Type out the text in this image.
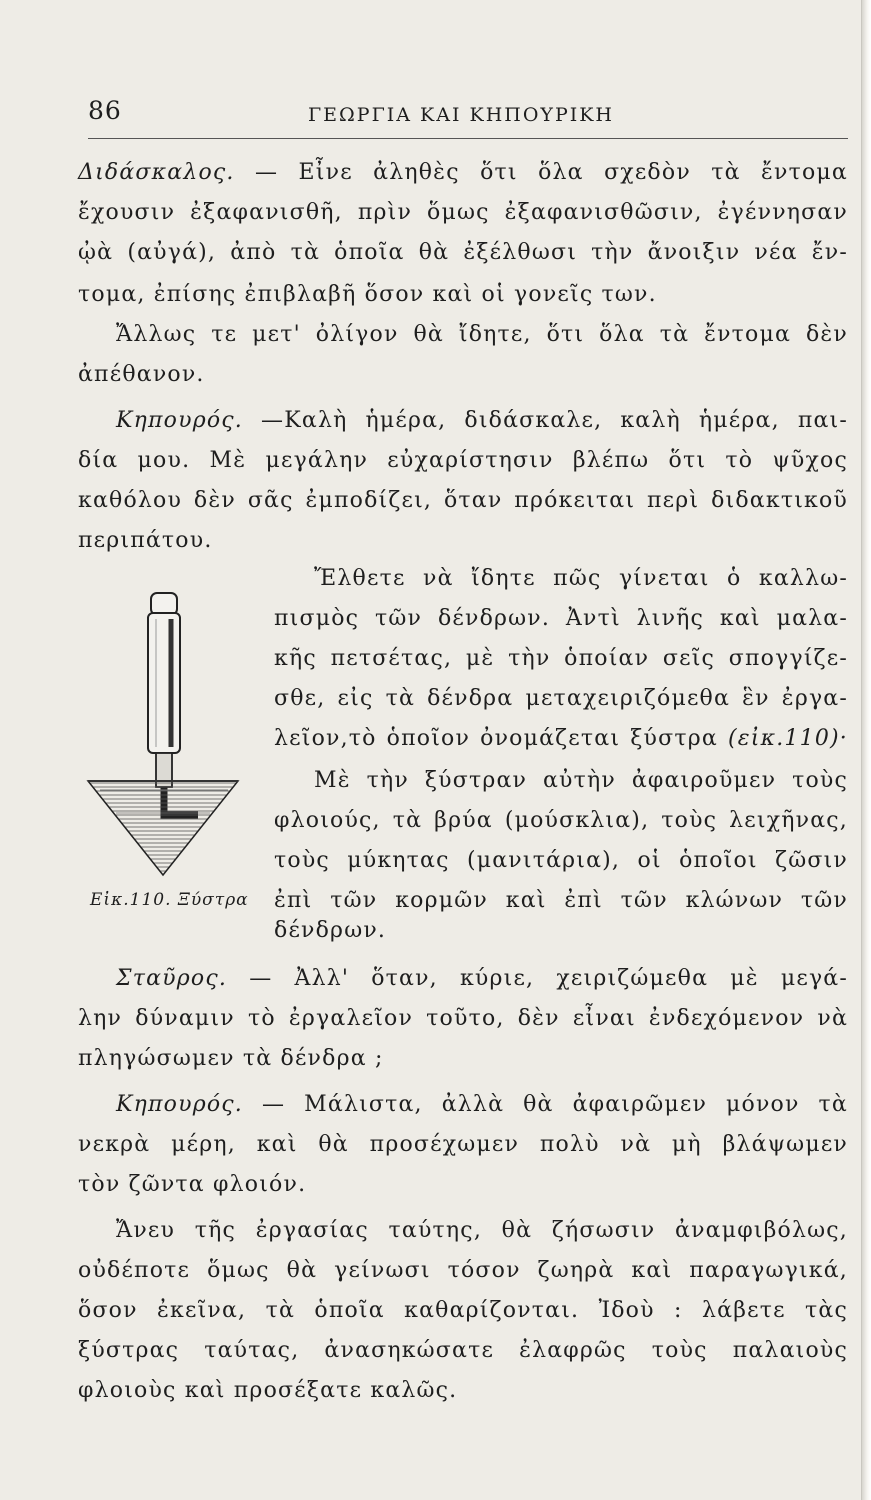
86	ΓΕΩΡΓΙΑ ΚΑΙ ΚΗΠΟΥΡΙΚΗ
Διδάσκαλος. — Εἶνε ἀληθὲς ὅτι ὅλα σχεδὸν τὰ ἔντομα
ἔχουσιν ἐξαφανισθῆ, πρὶν ὅμως ἐξαφανισθῶσιν, ἐγέννησαν
ᾠὰ (αὐγά), ἀπὸ τὰ ὁποῖα θὰ ἐξέλθωσι τὴν ἄνοιξιν νέα ἔν-
τομα, ἐπίσης ἐπιβλαβῆ ὅσον καὶ οἱ γονεῖς των.
Ἄλλως τε μετ' ὀλίγον θὰ ἴδητε, ὅτι ὅλα τὰ ἔντομα δὲν
ἀπέθανον.
Κηπουρός. —Καλὴ ἡμέρα, διδάσκαλε, καλὴ ἡμέρα, παι-
δία μου. Μὲ μεγάλην εὐχαρίστησιν βλέπω ὅτι τὸ ψῦχος
καθόλου δὲν σᾶς ἐμποδίζει, ὅταν πρόκειται περὶ διδακτικοῦ
περιπάτου.
Εἰκ.110. Ξύστρα
Ἔλθετε νὰ ἴδητε πῶς γίνεται ὁ καλλω-
πισμὸς τῶν δένδρων. Ἀντὶ λινῆς καὶ μαλα-
κῆς πετσέτας, μὲ τὴν ὁποίαν σεῖς σπογγίζε-
σθε, εἰς τὰ δένδρα μεταχειριζόμεθα ἓν ἐργα-
λεῖον,τὸ ὁποῖον ὀνομάζεται ξύστρα (εἰκ.110)·
Μὲ τὴν ξύστραν αὐτὴν ἀφαιροῦμεν τοὺς
φλοιούς, τὰ βρύα (μούσκλια), τοὺς λειχῆνας,
τοὺς μύκητας (μανιτάρια), οἱ ὁποῖοι ζῶσιν
ἐπὶ τῶν κορμῶν καὶ ἐπὶ τῶν κλώνων τῶν
δένδρων.
Σταῦρος. — Ἀλλ' ὅταν, κύριε, χειριζώμεθα μὲ μεγά-
λην δύναμιν τὸ ἐργαλεῖον τοῦτο, δὲν εἶναι ἐνδεχόμενον νὰ
πληγώσωμεν τὰ δένδρα ;
Κηπουρός. — Μάλιστα, ἀλλὰ θὰ ἀφαιρῶμεν μόνον τὰ
νεκρὰ μέρη, καὶ θὰ προσέχωμεν πολὺ νὰ μὴ βλάψωμεν
τὸν ζῶντα φλοιόν.
Ἄνευ τῆς ἐργασίας ταύτης, θὰ ζήσωσιν ἀναμφιβόλως,
οὐδέποτε ὅμως θὰ γείνωσι τόσον ζωηρὰ καὶ παραγωγικά,
ὅσον ἐκεῖνα, τὰ ὁποῖα καθαρίζονται. Ἰδοὺ : λάβετε τὰς
ξύστρας ταύτας, ἀνασηκώσατε ἐλαφρῶς τοὺς παλαιοὺς
φλοιοὺς καὶ προσέξατε καλῶς.
